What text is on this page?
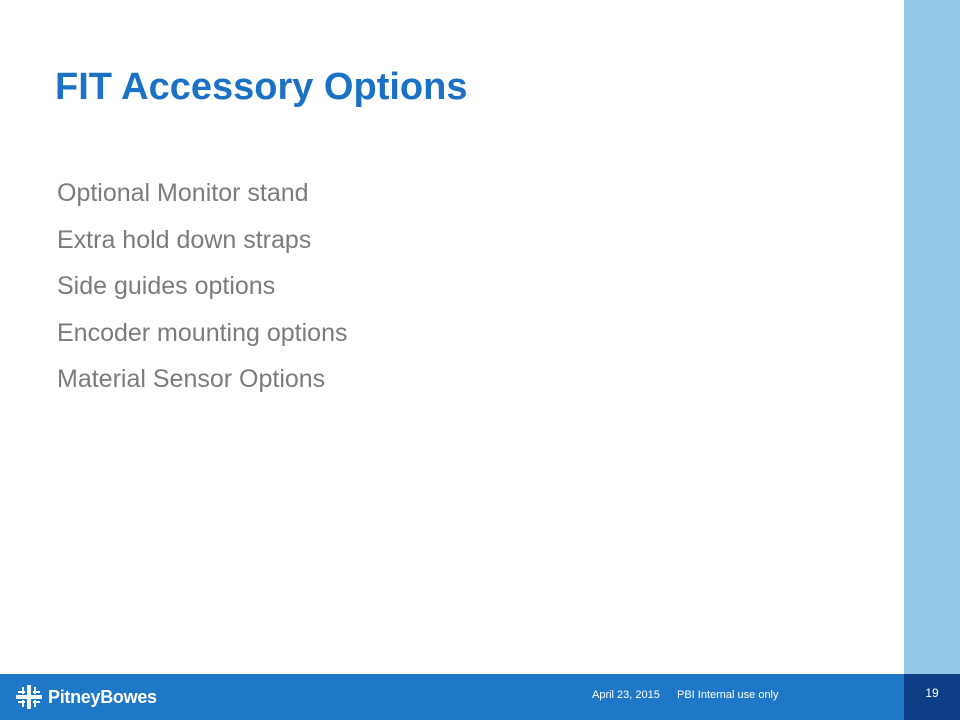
FIT Accessory Options
Optional Monitor stand
Extra hold down straps
Side guides options
Encoder mounting options
Material Sensor Options
PitneyBowes	April 23, 2015 PBI Internal use only	19
